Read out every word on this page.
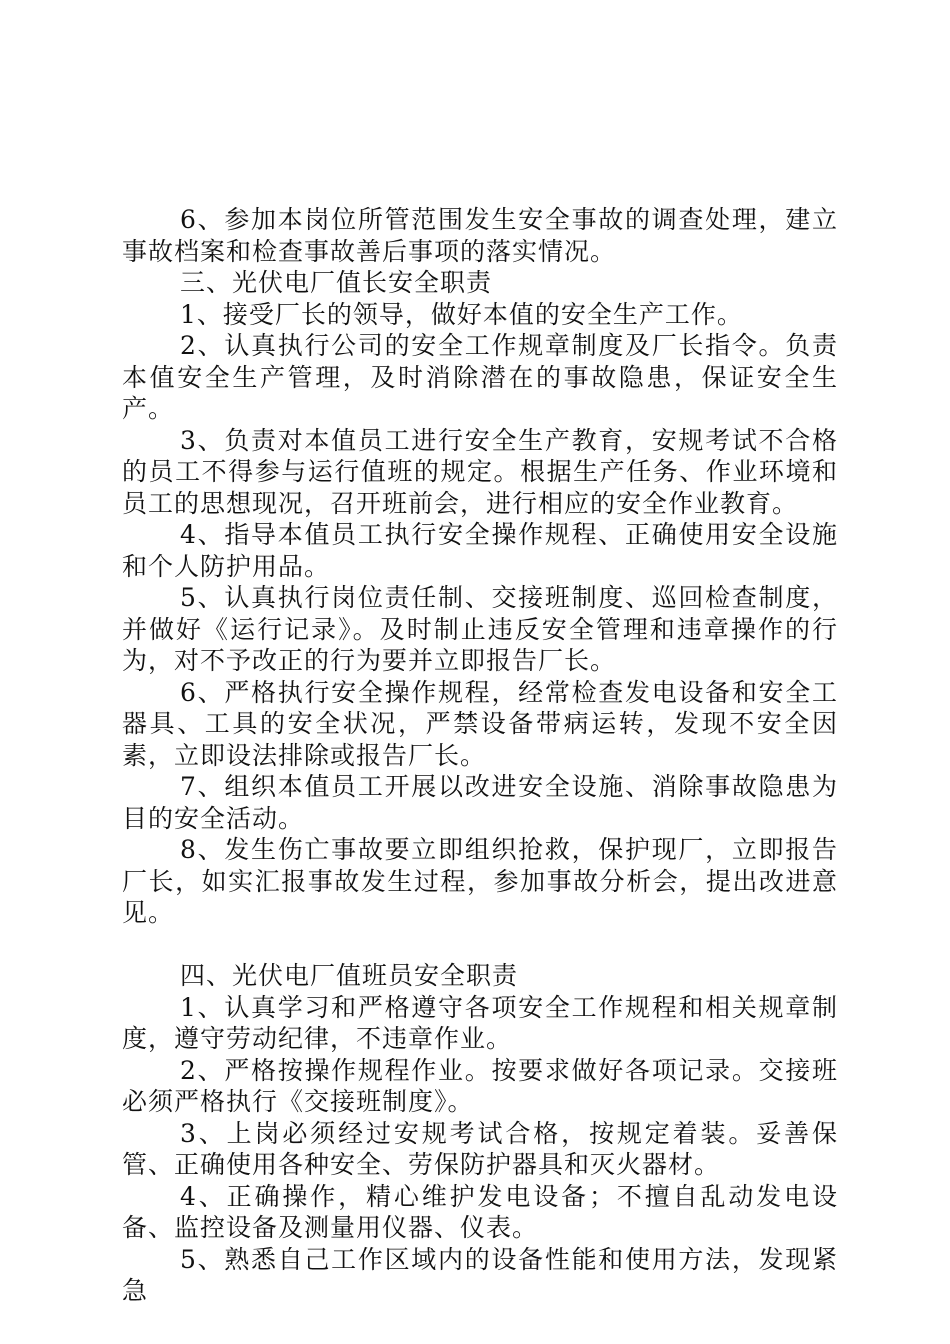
6、参加本岗位所管范围发生安全事故的调查处理，建立事故档案和检查事故善后事项的落实情况。

三、光伏电厂值长安全职责

1、接受厂长的领导，做好本值的安全生产工作。

2、认真执行公司的安全工作规章制度及厂长指令。负责本值安全生产管理，及时消除潜在的事故隐患，保证安全生产。

3、负责对本值员工进行安全生产教育，安规考试不合格的员工不得参与运行值班的规定。根据生产任务、作业环境和员工的思想现况，召开班前会，进行相应的安全作业教育。

4、指导本值员工执行安全操作规程、正确使用安全设施和个人防护用品。

5、认真执行岗位责任制、交接班制度、巡回检查制度，并做好《运行记录》。及时制止违反安全管理和违章操作的行为，对不予改正的行为要并立即报告厂长。

6、严格执行安全操作规程，经常检查发电设备和安全工器具、工具的安全状况，严禁设备带病运转，发现不安全因素，立即设法排除或报告厂长。

7、组织本值员工开展以改进安全设施、消除事故隐患为目的安全活动。

8、发生伤亡事故要立即组织抢救，保护现厂，立即报告厂长，如实汇报事故发生过程，参加事故分析会，提出改进意见。

四、光伏电厂值班员安全职责

1、认真学习和严格遵守各项安全工作规程和相关规章制度，遵守劳动纪律，不违章作业。

2、严格按操作规程作业。按要求做好各项记录。交接班必须严格执行《交接班制度》。

3、上岗必须经过安规考试合格，按规定着装。妥善保管、正确使用各种安全、劳保防护器具和灭火器材。

4、正确操作，精心维护发电设备；不擅自乱动发电设备、监控设备及测量用仪器、仪表。

5、熟悉自己工作区域内的设备性能和使用方法，发现紧急
